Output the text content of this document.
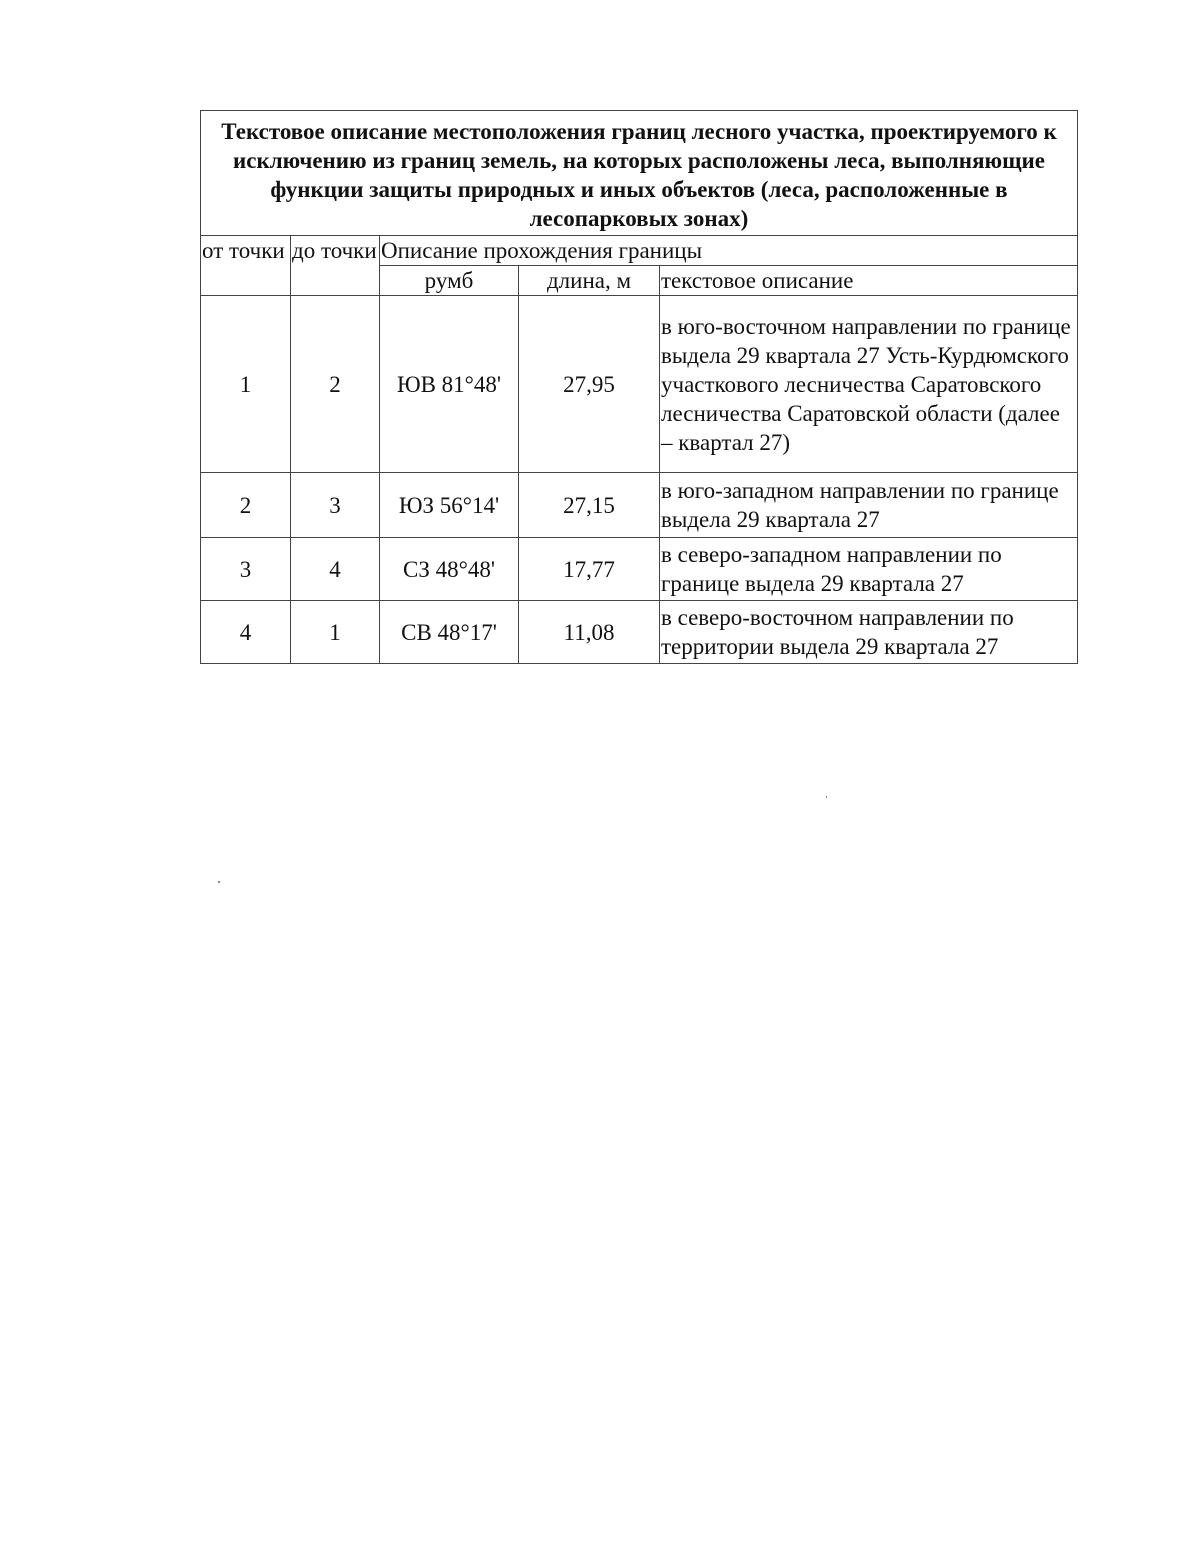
Текстовое описание местоположения границ лесного участка, проектируемого к исключению из границ земель, на которых расположены леса, выполняющие функции защиты природных и иных объектов (леса, расположенные в лесопарковых зонах)				
от точки	до точки	Описание прохождения границы		
		румб	длина, м	текстовое описание
1	2	ЮВ 81°48'	27,95	в юго-восточном направлении по границе выдела 29 квартала 27 Усть-Курдюмского участкового лесничества Саратовского лесничества Саратовской области (далее – квартал 27)
2	3	ЮЗ 56°14'	27,15	в юго-западном направлении по границе выдела 29 квартала 27
3	4	СЗ 48°48'	17,77	в северо-западном направлении по границе выдела 29 квартала 27
4	1	СВ 48°17'	11,08	в северо-восточном направлении по территории выдела 29 квартала 27
